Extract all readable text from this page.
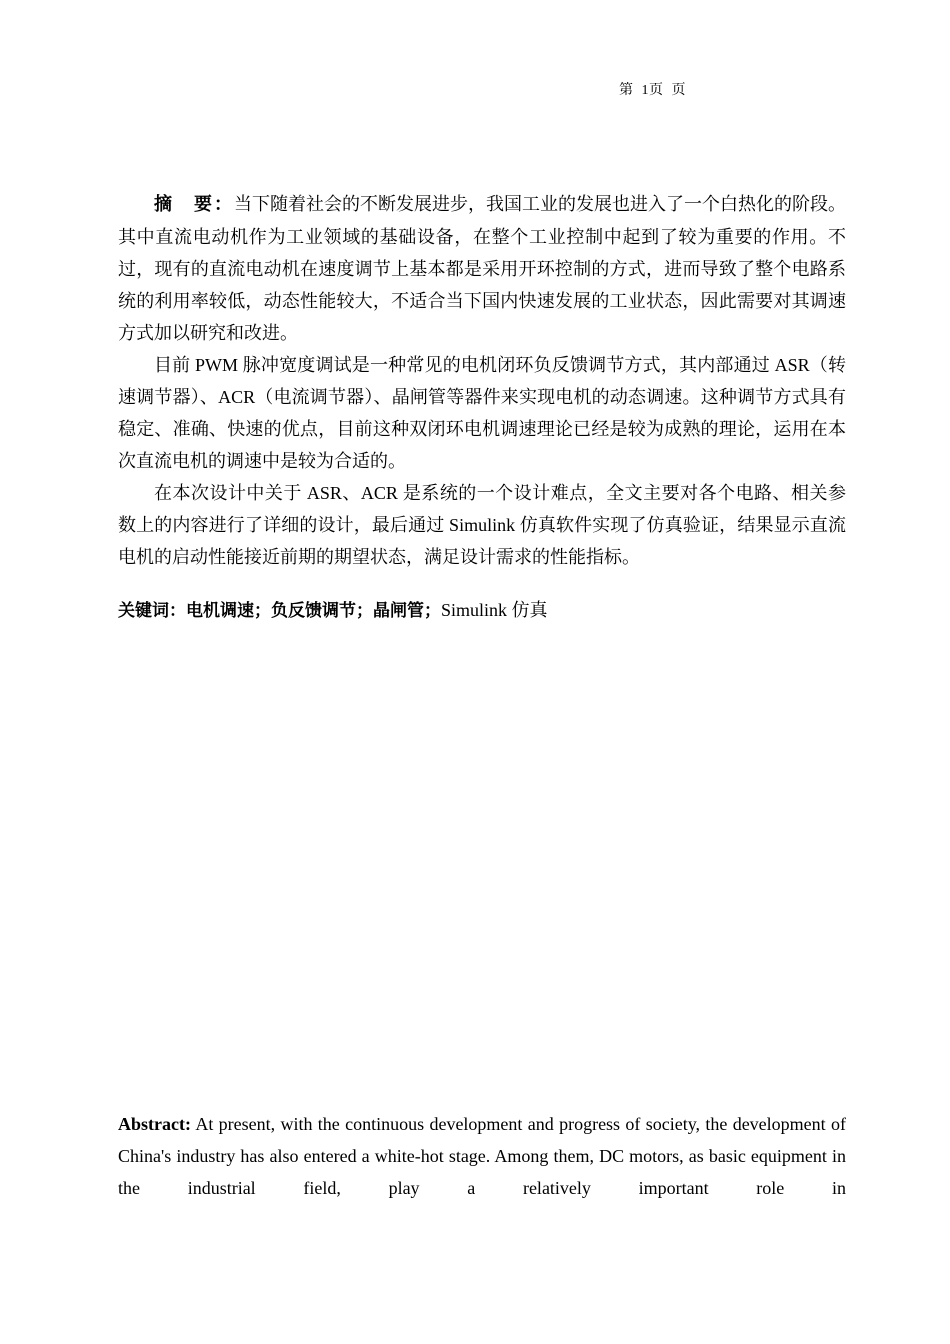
第  1页  页

摘　要：当下随着社会的不断发展进步，我国工业的发展也进入了一个白热化的阶段。其中直流电动机作为工业领域的基础设备，在整个工业控制中起到了较为重要的作用。不过，现有的直流电动机在速度调节上基本都是采用开环控制的方式，进而导致了整个电路系统的利用率较低，动态性能较大，不适合当下国内快速发展的工业状态，因此需要对其调速方式加以研究和改进。

目前 PWM 脉冲宽度调试是一种常见的电机闭环负反馈调节方式，其内部通过 ASR（转速调节器）、ACR（电流调节器）、晶闸管等器件来实现电机的动态调速。这种调节方式具有稳定、准确、快速的优点，目前这种双闭环电机调速理论已经是较为成熟的理论，运用在本次直流电机的调速中是较为合适的。

在本次设计中关于 ASR、ACR 是系统的一个设计难点，全文主要对各个电路、相关参数上的内容进行了详细的设计，最后通过 Simulink 仿真软件实现了仿真验证，结果显示直流电机的启动性能接近前期的期望状态，满足设计需求的性能指标。

关键词：电机调速；负反馈调节；晶闸管；Simulink 仿真

Abstract: At present, with the continuous development and progress of society, the development of China's industry has also entered a white-hot stage. Among them, DC motors, as basic equipment in the industrial field, play a relatively important role in
